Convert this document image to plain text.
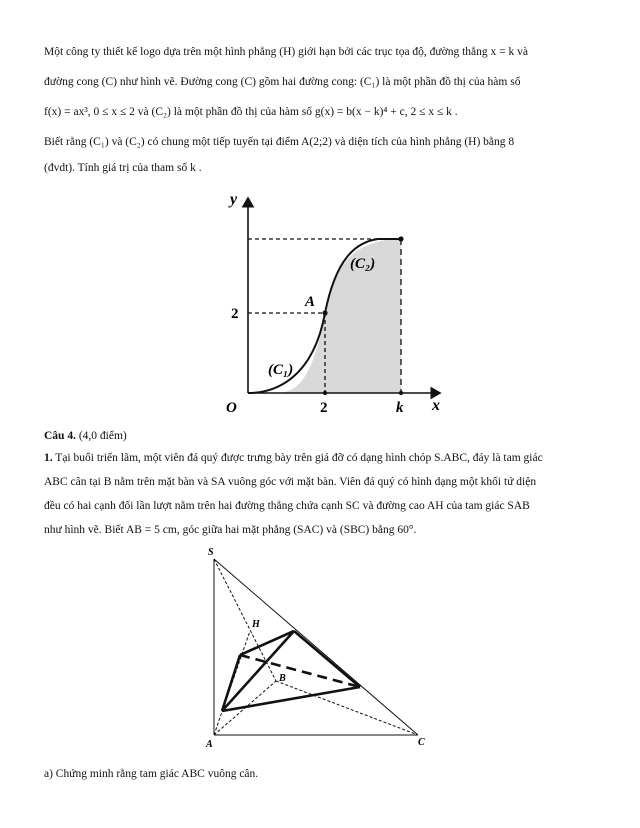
Một công ty thiết kế logo dựa trên một hình phẳng (H) giới hạn bởi các trục tọa độ, đường thẳng x = k và
đường cong (C) như hình vẽ. Đường cong (C) gồm hai đường cong: (C₁) là một phần đồ thị của hàm số
f(x) = ax³, 0 ≤ x ≤ 2 và (C₂) là một phần đồ thị của hàm số g(x) = b(x − k)⁴ + c, 2 ≤ x ≤ k .
Biết rằng (C₁) và (C₂) có chung một tiếp tuyến tại điểm A(2;2) và diện tích của hình phẳng (H) bằng 8
(đvdt). Tính giá trị của tham số k .
y
x
O
2
2	k
A
(C₁)
(C₂)
Câu 4. (4,0 điểm)
1. Tại buổi triển lãm, một viên đá quý được trưng bày trên giá đỡ có dạng hình chóp S.ABC, đáy là tam giác
ABC cân tại B nằm trên mặt bàn và SA vuông góc với mặt bàn. Viên đá quý có hình dạng một khối tứ diện
đều có hai cạnh đối lần lượt nằm trên hai đường thẳng chứa cạnh SC và đường cao AH của tam giác SAB
như hình vẽ. Biết AB = 5 cm, góc giữa hai mặt phẳng (SAC) và (SBC) bằng 60°.
S
H
B
A	C
a) Chứng minh rằng tam giác ABC vuông cân.
